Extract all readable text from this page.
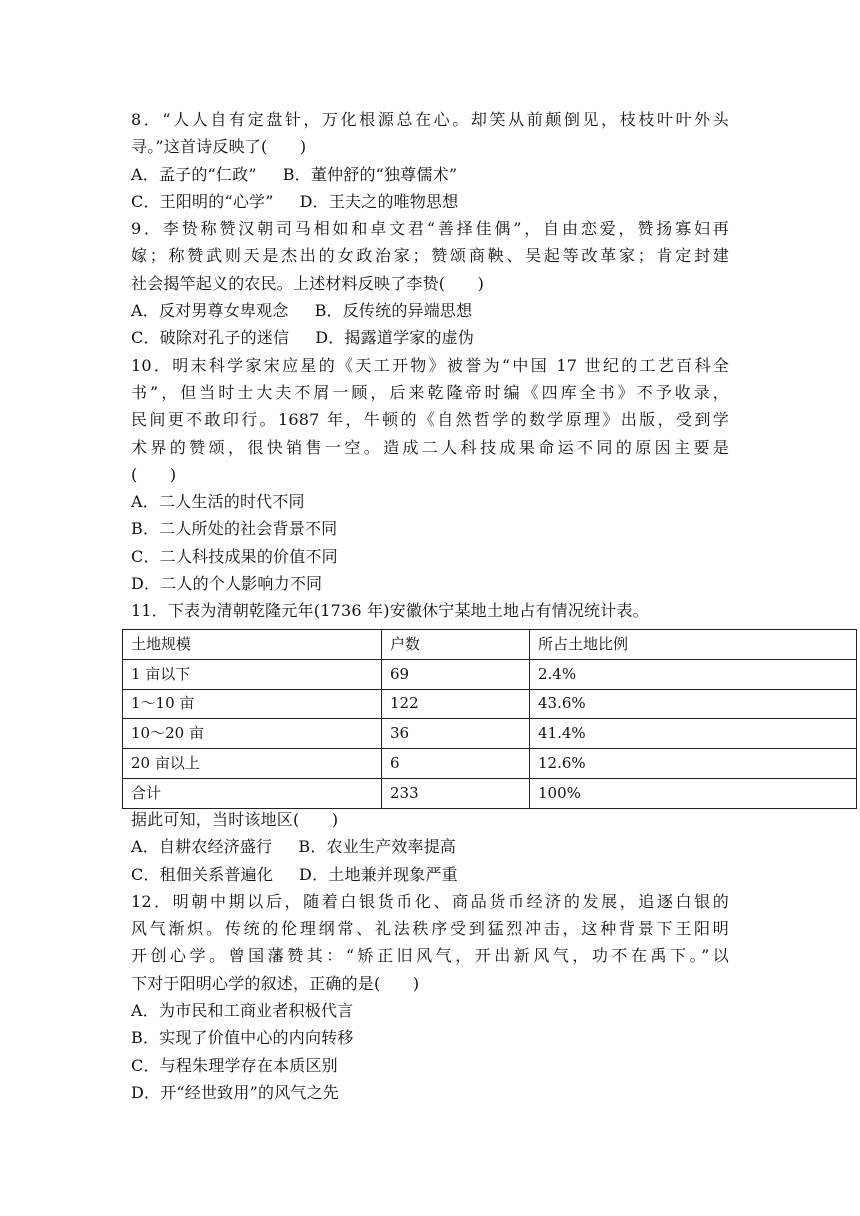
8．“人人自有定盘针，万化根源总在心。却笑从前颠倒见，枝枝叶叶外头
寻。”这首诗反映了(　　)
A．孟子的“仁政” B．董仲舒的“独尊儒术”
C．王阳明的“心学” D．王夫之的唯物思想
9．李贽称赞汉朝司马相如和卓文君“善择佳偶”，自由恋爱，赞扬寡妇再
嫁；称赞武则天是杰出的女政治家；赞颂商鞅、吴起等改革家；肯定封建
社会揭竿起义的农民。上述材料反映了李贽(　　)
A．反对男尊女卑观念 B．反传统的异端思想
C．破除对孔子的迷信 D．揭露道学家的虚伪
10．明末科学家宋应星的《天工开物》被誉为“中国 17 世纪的工艺百科全
书”，但当时士大夫不屑一顾，后来乾隆帝时编《四库全书》不予收录，
民间更不敢印行。1687 年，牛顿的《自然哲学的数学原理》出版，受到学
术界的赞颂，很快销售一空。造成二人科技成果命运不同的原因主要是
(　　)
A．二人生活的时代不同
B．二人所处的社会背景不同
C．二人科技成果的价值不同
D．二人的个人影响力不同
11．下表为清朝乾隆元年(1736 年)安徽休宁某地土地占有情况统计表。
土地规模	户数	所占土地比例
1 亩以下	69	2.4%
1～10 亩	122	43.6%
10～20 亩	36	41.4%
20 亩以上	6	12.6%
合计	233	100%
据此可知，当时该地区(　　)
A．自耕农经济盛行 B．农业生产效率提高
C．租佃关系普遍化 D．土地兼并现象严重
12．明朝中期以后，随着白银货币化、商品货币经济的发展，追逐白银的
风气渐炽。传统的伦理纲常、礼法秩序受到猛烈冲击，这种背景下王阳明
开创心学。曾国藩赞其：“矫正旧风气，开出新风气，功不在禹下。”以
下对于阳明心学的叙述，正确的是(　　)
A．为市民和工商业者积极代言
B．实现了价值中心的内向转移
C．与程朱理学存在本质区别
D．开“经世致用”的风气之先
